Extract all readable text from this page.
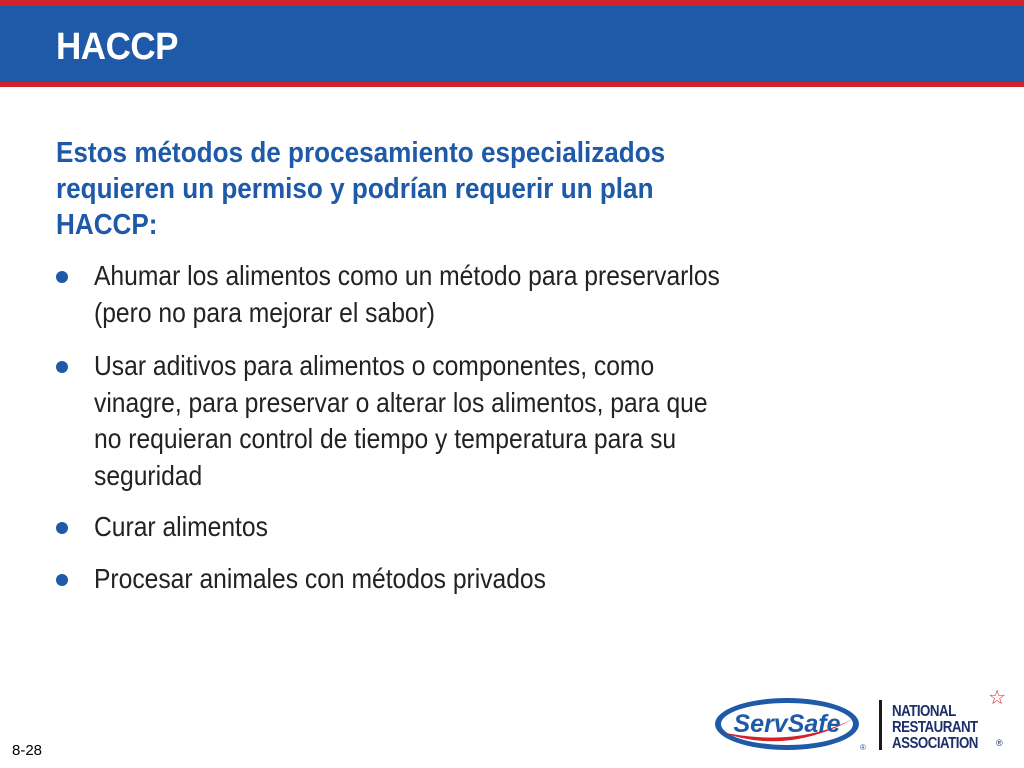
HACCP
Estos métodos de procesamiento especializados requieren un permiso y podrían requerir un plan HACCP:
Ahumar los alimentos como un método para preservarlos (pero no para mejorar el sabor)
Usar aditivos para alimentos o componentes, como vinagre, para preservar o alterar los alimentos, para que no requieran control de tiempo y temperatura para su seguridad
Curar alimentos
Procesar animales con métodos privados
8-28
ServSafe
®
☆
NATIONAL
RESTAURANT
ASSOCIATION ®
